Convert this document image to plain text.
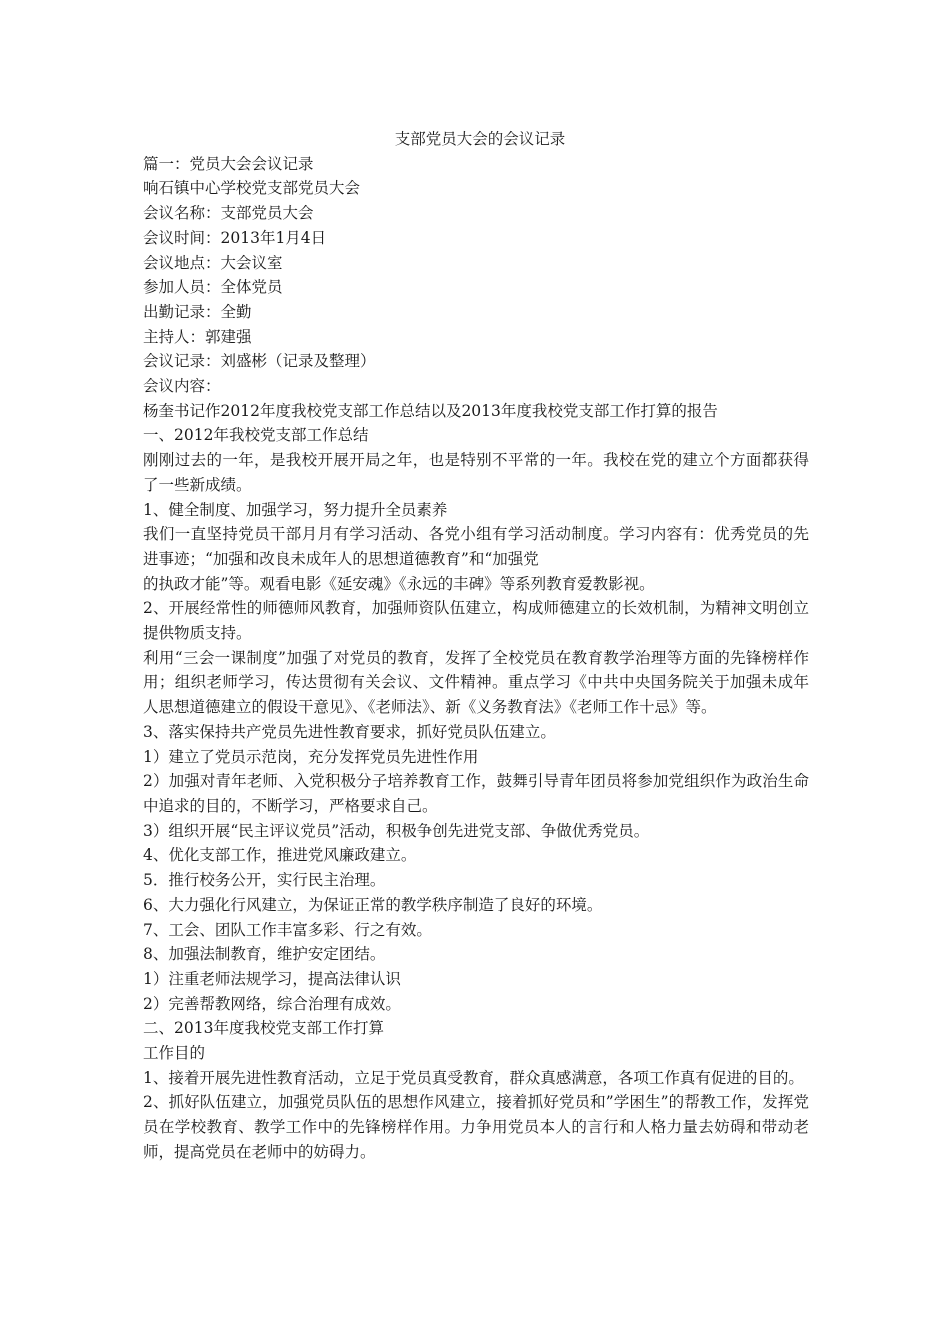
支部党员大会的会议记录

篇一：党员大会会议记录

响石镇中心学校党支部党员大会

会议名称：支部党员大会

会议时间：2013年1月4日

会议地点：大会议室

参加人员：全体党员

出勤记录：全勤

主持人：郭建强

会议记录：刘盛彬（记录及整理）

会议内容：

杨奎书记作2012年度我校党支部工作总结以及2013年度我校党支部工作打算的报告

一、2012年我校党支部工作总结

刚刚过去的一年，是我校开展开局之年，也是特别不平常的一年。我校在党的建立个方面都获得了一些新成绩。

1、健全制度、加强学习，努力提升全员素养

我们一直坚持党员干部月月有学习活动、各党小组有学习活动制度。学习内容有：优秀党员的先进事迹；“加强和改良未成年人的思想道德教育”和“加强党

的执政才能”等。观看电影《延安魂》《永远的丰碑》等系列教育爱教影视。

2、开展经常性的师德师风教育，加强师资队伍建立，构成师德建立的长效机制，为精神文明创立提供物质支持。

利用“三会一课制度”加强了对党员的教育，发挥了全校党员在教育教学治理等方面的先锋榜样作用；组织老师学习，传达贯彻有关会议、文件精神。重点学习《中共中央国务院关于加强未成年人思想道德建立的假设干意见》、《老师法》、新《义务教育法》《老师工作十忌》等。

3、落实保持共产党员先进性教育要求，抓好党员队伍建立。

1）建立了党员示范岗，充分发挥党员先进性作用

2）加强对青年老师、入党积极分子培养教育工作，鼓舞引导青年团员将参加党组织作为政治生命中追求的目的，不断学习，严格要求自己。

3）组织开展“民主评议党员”活动，积极争创先进党支部、争做优秀党员。

4、优化支部工作，推进党风廉政建立。

5．推行校务公开，实行民主治理。

6、大力强化行风建立，为保证正常的教学秩序制造了良好的环境。

7、工会、团队工作丰富多彩、行之有效。

8、加强法制教育，维护安定团结。

1）注重老师法规学习，提高法律认识

2）完善帮教网络，综合治理有成效。

二、2013年度我校党支部工作打算

工作目的

1、接着开展先进性教育活动，立足于党员真受教育，群众真感满意，各项工作真有促进的目的。

2、抓好队伍建立，加强党员队伍的思想作风建立，接着抓好党员和”学困生”的帮教工作，发挥党员在学校教育、教学工作中的先锋榜样作用。力争用党员本人的言行和人格力量去妨碍和带动老师，提高党员在老师中的妨碍力。
